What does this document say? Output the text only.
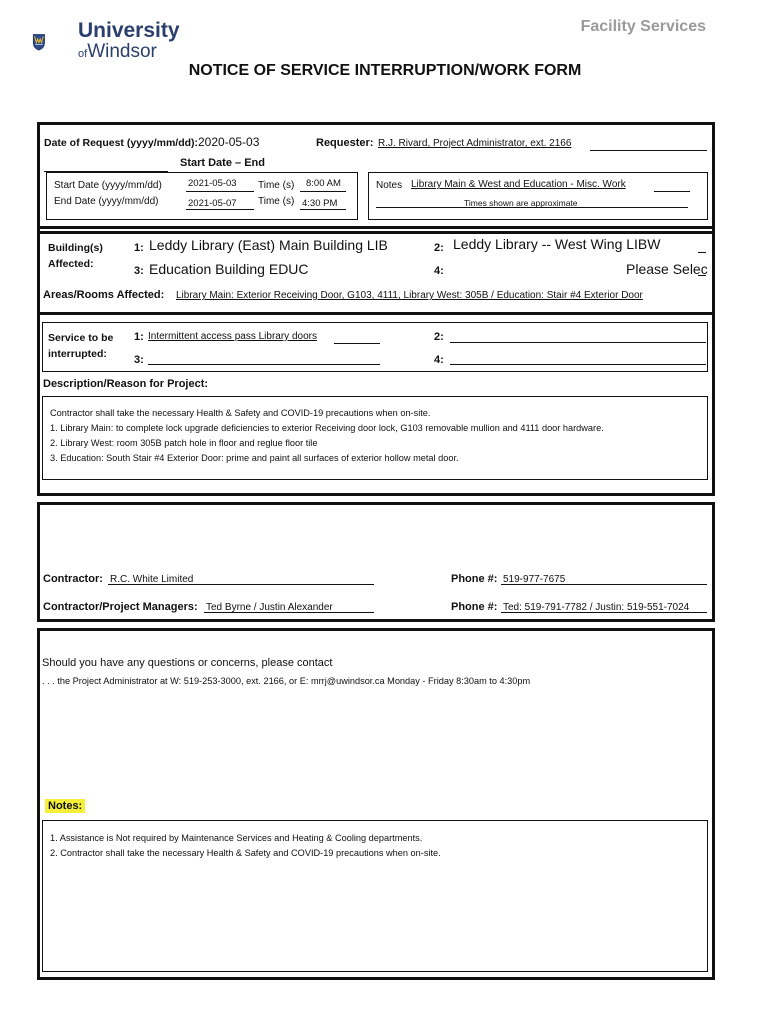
University
ofWindsor
Facility Services
NOTICE OF SERVICE INTERRUPTION/WORK FORM
Date of Request (yyyy/mm/dd): 2020-05-03	Requester: R.J. Rivard, Project Administrator, ext. 2166
Start Date – End
Start Date (yyyy/mm/dd)	2021-05-03	Time (s) 8:00 AM
End Date (yyyy/mm/dd)	2021-05-07 Time (s) 4:30 PM
Notes Library Main & West and Education - Misc. Work
Times shown are approximate
Building(s)
Affected:
1: Leddy Library (East) Main Building LIB	2: Leddy Library -- West Wing LIBW
3: Education Building EDUC	4:	Please Selec
Areas/Rooms Affected: Library Main: Exterior Receiving Door, G103, 4111, Library West: 305B / Education: Stair #4 Exterior Door
Service to be
interrupted:
1: Intermittent access pass Library doors	2:
3:	4:
Description/Reason for Project:
Contractor shall take the necessary Health & Safety and COVID-19 precautions when on-site.
1. Library Main: to complete lock upgrade deficiencies to exterior Receiving door lock, G103 removable mullion and 4111 door hardware.
2. Library West: room 305B patch hole in floor and reglue floor tile
3. Education: South Stair #4 Exterior Door: prime and paint all surfaces of exterior hollow metal door.
Contractor: R.C. White Limited	Phone #: 519-977-7675
Contractor/Project Managers: Ted Byrne / Justin Alexander	Phone #: Ted: 519-791-7782 / Justin: 519-551-7024
Should you have any questions or concerns, please contact
. . . the Project Administrator at W: 519-253-3000, ext. 2166, or E: mrrj@uwindsor.ca Monday - Friday 8:30am to 4:30pm
Notes:
1. Assistance is Not required by Maintenance Services and Heating & Cooling departments.
2. Contractor shall take the necessary Health & Safety and COVID-19 precautions when on-site.
